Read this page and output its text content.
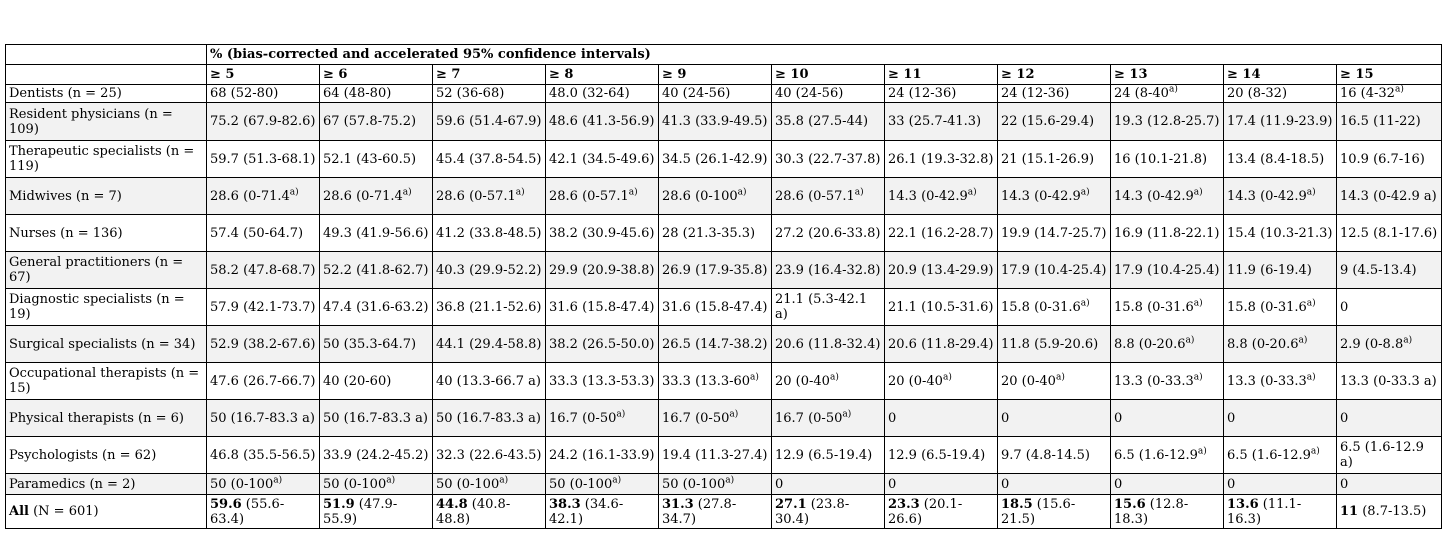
	% (bias-corrected and accelerated 95% confidence intervals)										
	≥ 5	≥ 6	≥ 7	≥ 8	≥ 9	≥ 10	≥ 11	≥ 12	≥ 13	≥ 14	≥ 15
Dentists (n = 25)	68 (52-80)	64 (48-80)	52 (36-68)	48.0 (32-64)	40 (24-56)	40 (24-56)	24 (12-36)	24 (12-36)	24 (8-40$^{a)}$	20 (8-32)	16 (4-32$^{a)}$
Resident physicians (n = 109)	75.2 (67.9-82.6)	67 (57.8-75.2)	59.6 (51.4-67.9)	48.6 (41.3-56.9)	41.3 (33.9-49.5)	35.8 (27.5-44)	33 (25.7-41.3)	22 (15.6-29.4)	19.3 (12.8-25.7)	17.4 (11.9-23.9)	16.5 (11-22)
Therapeutic specialists (n = 119)	59.7 (51.3-68.1)	52.1 (43-60.5)	45.4 (37.8-54.5)	42.1 (34.5-49.6)	34.5 (26.1-42.9)	30.3 (22.7-37.8)	26.1 (19.3-32.8)	21 (15.1-26.9)	16 (10.1-21.8)	13.4 (8.4-18.5)	10.9 (6.7-16)
Midwives (n = 7)	28.6 (0-71.4$^{a)}$	28.6 (0-71.4$^{a)}$	28.6 (0-57.1$^{a)}$	28.6 (0-57.1$^{a)}$	28.6 (0-100$^{a)}$	28.6 (0-57.1$^{a)}$	14.3 (0-42.9$^{a)}$	14.3 (0-42.9$^{a)}$	14.3 (0-42.9$^{a)}$	14.3 (0-42.9$^{a)}$	14.3 (0-42.9 a)
Nurses (n = 136)	57.4 (50-64.7)	49.3 (41.9-56.6)	41.2 (33.8-48.5)	38.2 (30.9-45.6)	28 (21.3-35.3)	27.2 (20.6-33.8)	22.1 (16.2-28.7)	19.9 (14.7-25.7)	16.9 (11.8-22.1)	15.4 (10.3-21.3)	12.5 (8.1-17.6)
General practitioners (n = 67)	58.2 (47.8-68.7)	52.2 (41.8-62.7)	40.3 (29.9-52.2)	29.9 (20.9-38.8)	26.9 (17.9-35.8)	23.9 (16.4-32.8)	20.9 (13.4-29.9)	17.9 (10.4-25.4)	17.9 (10.4-25.4)	11.9 (6-19.4)	9 (4.5-13.4)
Diagnostic specialists (n = 19)	57.9 (42.1-73.7)	47.4 (31.6-63.2)	36.8 (21.1-52.6)	31.6 (15.8-47.4)	31.6 (15.8-47.4)	21.1 (5.3-42.1 a)	21.1 (10.5-31.6)	15.8 (0-31.6$^{a)}$	15.8 (0-31.6$^{a)}$	15.8 (0-31.6$^{a)}$	0
Surgical specialists (n = 34)	52.9 (38.2-67.6)	50 (35.3-64.7)	44.1 (29.4-58.8)	38.2 (26.5-50.0)	26.5 (14.7-38.2)	20.6 (11.8-32.4)	20.6 (11.8-29.4)	11.8 (5.9-20.6)	8.8 (0-20.6$^{a)}$	8.8 (0-20.6$^{a)}$	2.9 (0-8.8$^{a)}$
Occupational therapists (n = 15)	47.6 (26.7-66.7)	40 (20-60)	40 (13.3-66.7 a)	33.3 (13.3-53.3)	33.3 (13.3-60$^{a)}$	20 (0-40$^{a)}$	20 (0-40$^{a)}$	20 (0-40$^{a)}$	13.3 (0-33.3$^{a)}$	13.3 (0-33.3$^{a)}$	13.3 (0-33.3 a)
Physical therapists (n = 6)	50 (16.7-83.3 a)	50 (16.7-83.3 a)	50 (16.7-83.3 a)	16.7 (0-50$^{a)}$	16.7 (0-50$^{a)}$	16.7 (0-50$^{a)}$	0	0	0	0	0
Psychologists (n = 62)	46.8 (35.5-56.5)	33.9 (24.2-45.2)	32.3 (22.6-43.5)	24.2 (16.1-33.9)	19.4 (11.3-27.4)	12.9 (6.5-19.4)	12.9 (6.5-19.4)	9.7 (4.8-14.5)	6.5 (1.6-12.9$^{a)}$	6.5 (1.6-12.9$^{a)}$	6.5 (1.6-12.9 a)
Paramedics (n = 2)	50 (0-100$^{a)}$	50 (0-100$^{a)}$	50 (0-100$^{a)}$	50 (0-100$^{a)}$	50 (0-100$^{a)}$	0	0	0	0	0	0
All (N = 601)	59.6 (55.6-63.4)	51.9 (47.9-55.9)	44.8 (40.8-48.8)	38.3 (34.6-42.1)	31.3 (27.8-34.7)	27.1 (23.8-30.4)	23.3 (20.1-26.6)	18.5 (15.6-21.5)	15.6 (12.8-18.3)	13.6 (11.1-16.3)	11 (8.7-13.5)
